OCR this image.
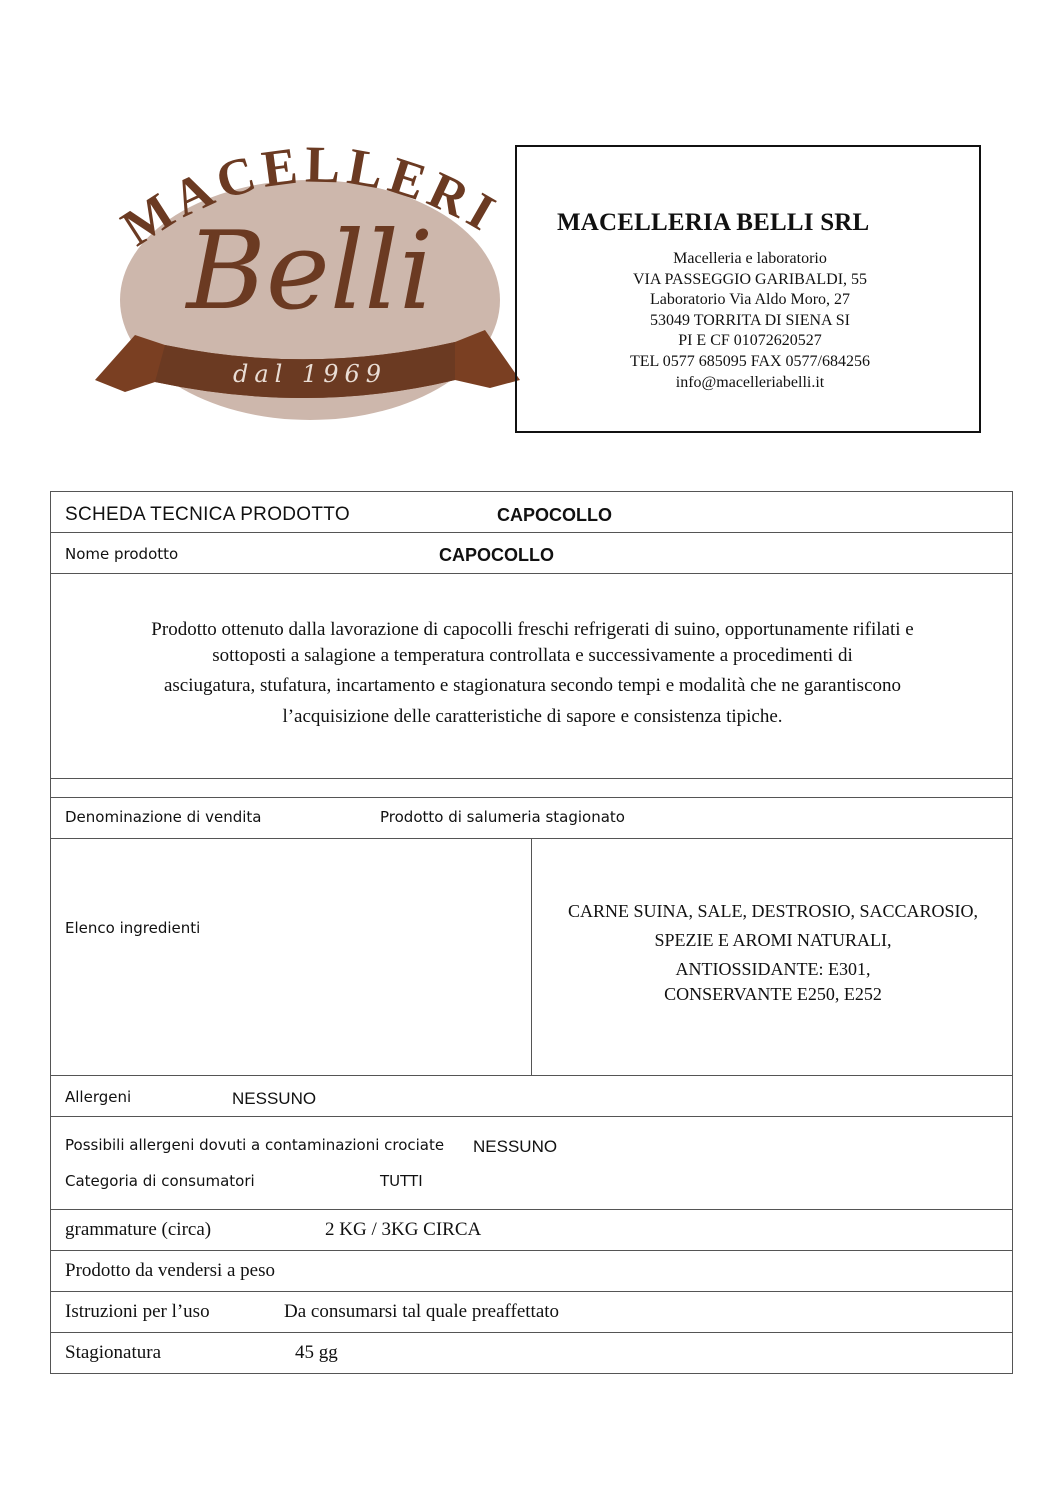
MACELLERI
Belli
dal 1969
MACELLERIA BELLI SRL
Macelleria e laboratorio
VIA PASSEGGIO GARIBALDI, 55
Laboratorio Via Aldo Moro, 27
53049 TORRITA DI SIENA SI
PI E CF 01072620527
TEL 0577 685095 FAX 0577/684256
info@macelleriabelli.it
SCHEDA TECNICA PRODOTTO	CAPOCOLLO
Nome prodotto	CAPOCOLLO
Prodotto ottenuto dalla lavorazione di capocolli freschi refrigerati di suino, opportunamente rifilati e
sottoposti a salagione a temperatura controllata e successivamente a procedimenti di
asciugatura, stufatura, incartamento e stagionatura secondo tempi e modalità che ne garantiscono
l’acquisizione delle caratteristiche di sapore e consistenza tipiche.
Denominazione di vendita	Prodotto di salumeria stagionato
Elenco ingredienti
CARNE SUINA, SALE, DESTROSIO, SACCAROSIO,
SPEZIE E AROMI NATURALI,
ANTIOSSIDANTE: E301,
CONSERVANTE E250, E252
Allergeni	NESSUNO
Possibili allergeni dovuti a contaminazioni crociate NESSUNO
Categoria di consumatori	TUTTI
grammature (circa)	2 KG / 3KG CIRCA
Prodotto da vendersi a peso
Istruzioni per l’uso	Da consumarsi tal quale preaffettato
Stagionatura	45 gg
